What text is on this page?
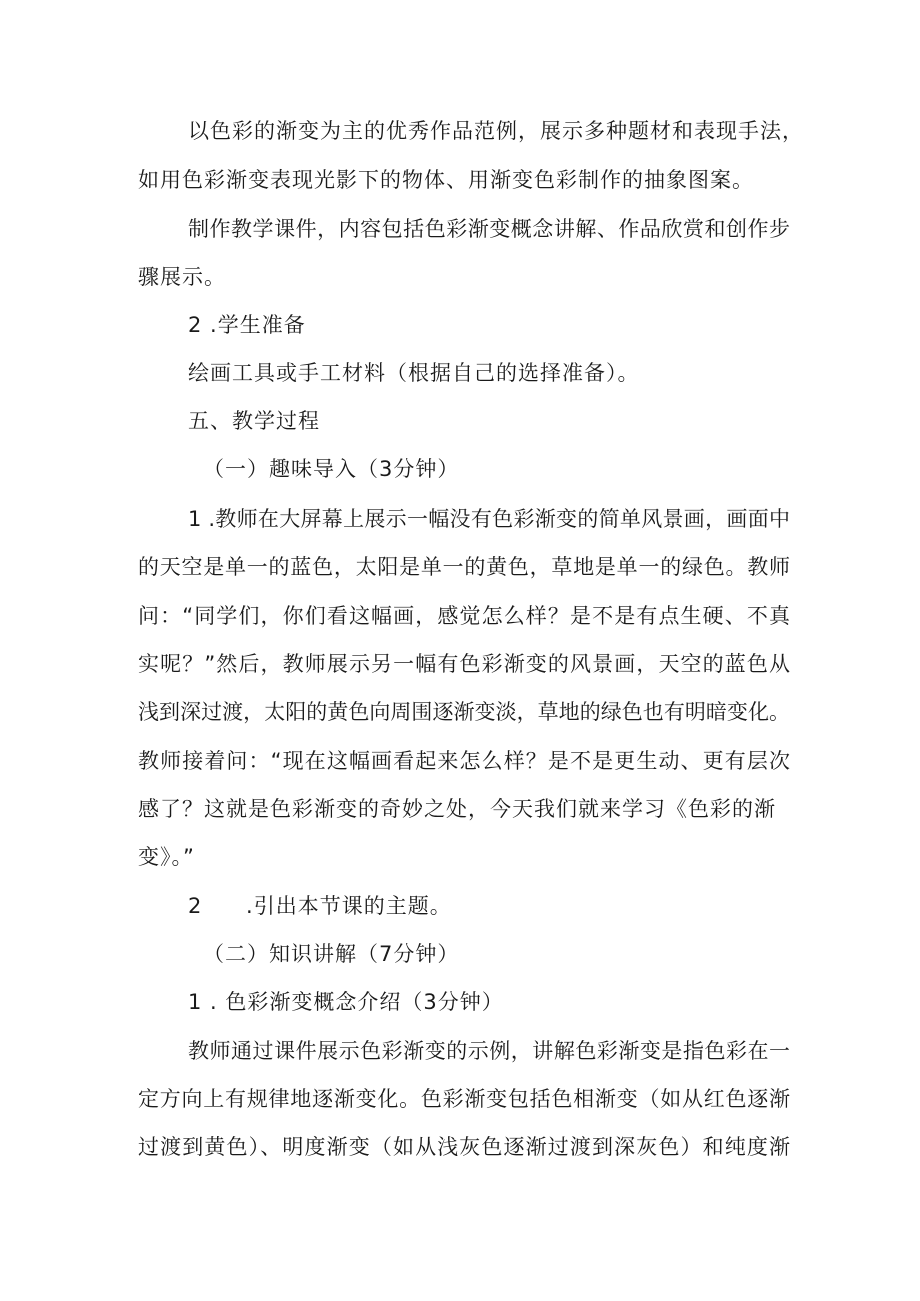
以色彩的渐变为主的优秀作品范例，展示多种题材和表现手法，
如用色彩渐变表现光影下的物体、用渐变色彩制作的抽象图案。
制作教学课件，内容包括色彩渐变概念讲解、作品欣赏和创作步
骤展示。
2 .学生准备
绘画工具或手工材料（根据自己的选择准备）。
五、教学过程
（一）趣味导入（3分钟）
1 .教师在大屏幕上展示一幅没有色彩渐变的简单风景画，画面中
的天空是单一的蓝色，太阳是单一的黄色，草地是单一的绿色。教师
问：“同学们，你们看这幅画，感觉怎么样？是不是有点生硬、不真
实呢？”然后，教师展示另一幅有色彩渐变的风景画，天空的蓝色从
浅到深过渡，太阳的黄色向周围逐渐变淡，草地的绿色也有明暗变化。
教师接着问：“现在这幅画看起来怎么样？是不是更生动、更有层次
感了？这就是色彩渐变的奇妙之处，今天我们就来学习《色彩的渐
变》。”
2 .引出本节课的主题。
（二）知识讲解（7分钟）
1 . 色彩渐变概念介绍（3分钟）
教师通过课件展示色彩渐变的示例，讲解色彩渐变是指色彩在一
定方向上有规律地逐渐变化。色彩渐变包括色相渐变（如从红色逐渐
过渡到黄色）、明度渐变（如从浅灰色逐渐过渡到深灰色）和纯度渐
